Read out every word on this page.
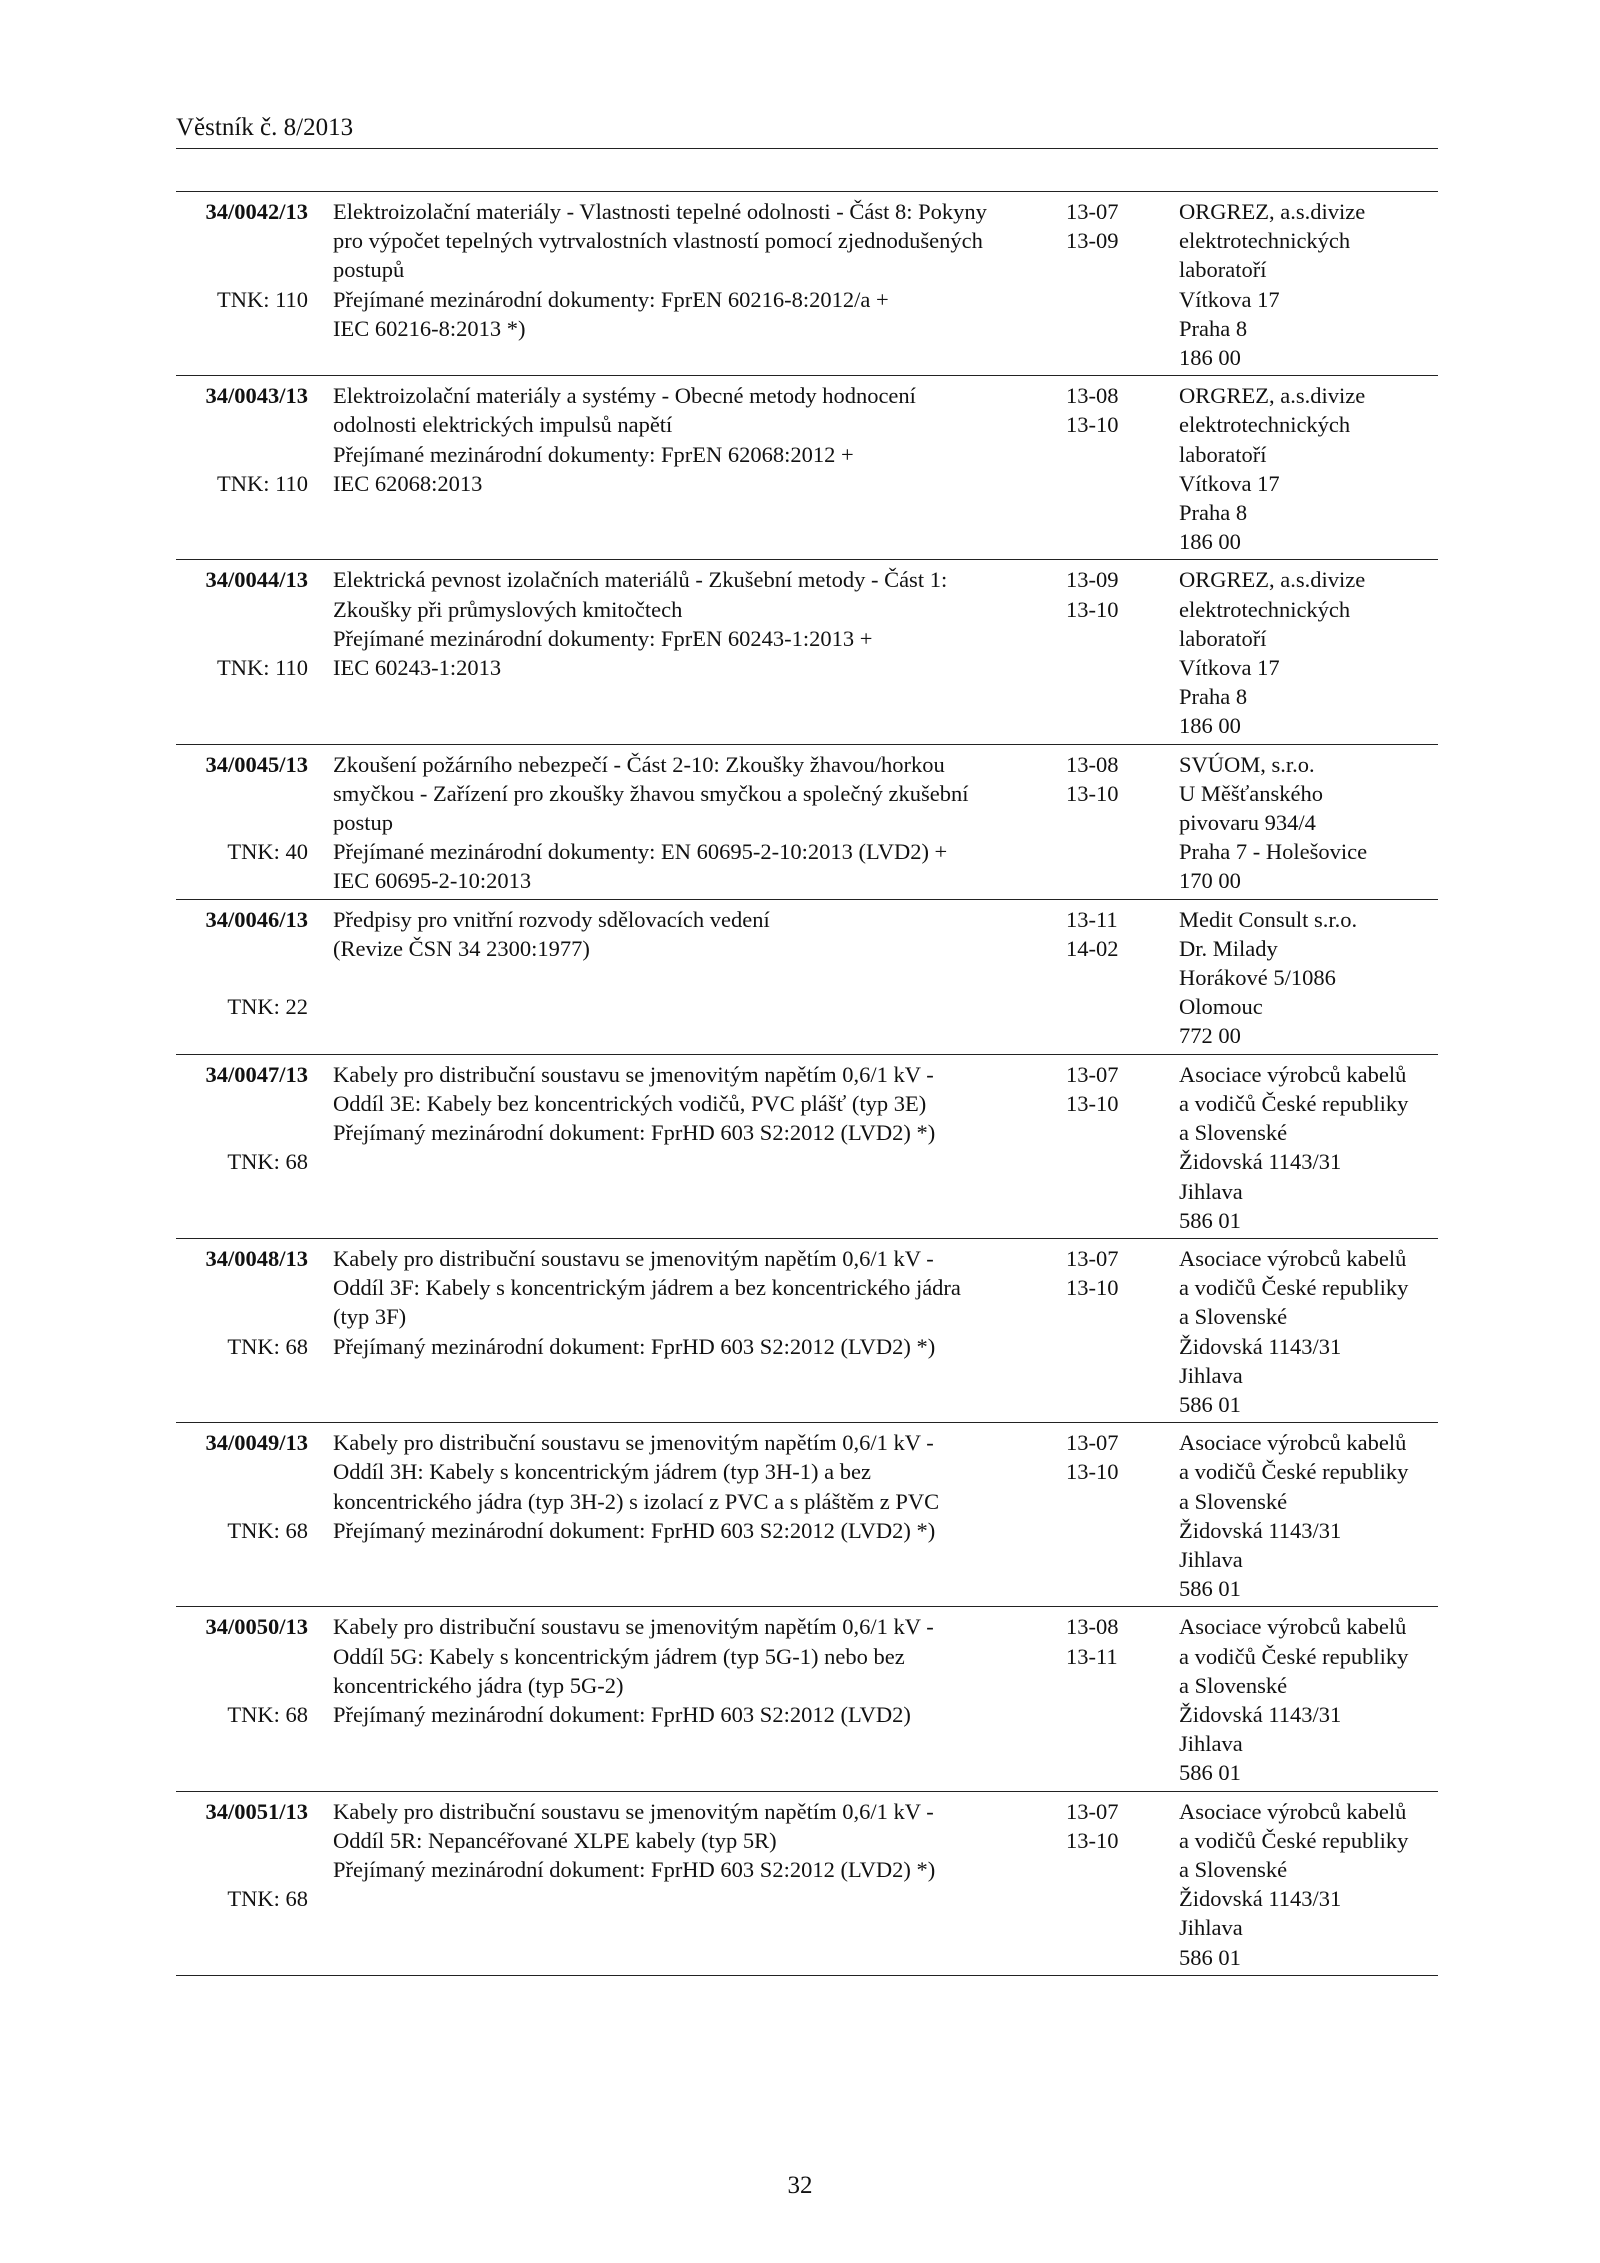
Věstník č. 8/2013
34/0042/13
TNK: 110
Elektroizolační materiály - Vlastnosti tepelné odolnosti - Část 8: Pokyny
pro výpočet tepelných vytrvalostních vlastností pomocí zjednodušených
postupů
Přejímané mezinárodní dokumenty: FprEN 60216-8:2012/a +
IEC 60216-8:2013 *)
13-07
13-09
ORGREZ, a.s.divize
elektrotechnických
laboratoří
Vítkova 17
Praha 8
186 00
34/0043/13
TNK: 110
Elektroizolační materiály a systémy - Obecné metody hodnocení
odolnosti elektrických impulsů napětí
Přejímané mezinárodní dokumenty: FprEN 62068:2012 +
IEC 62068:2013
13-08
13-10
ORGREZ, a.s.divize
elektrotechnických
laboratoří
Vítkova 17
Praha 8
186 00
34/0044/13
TNK: 110
Elektrická pevnost izolačních materiálů - Zkušební metody - Část 1:
Zkoušky při průmyslových kmitočtech
Přejímané mezinárodní dokumenty: FprEN 60243-1:2013 +
IEC 60243-1:2013
13-09
13-10
ORGREZ, a.s.divize
elektrotechnických
laboratoří
Vítkova 17
Praha 8
186 00
34/0045/13
TNK: 40
Zkoušení požárního nebezpečí - Část 2-10: Zkoušky žhavou/horkou
smyčkou - Zařízení pro zkoušky žhavou smyčkou a společný zkušební
postup
Přejímané mezinárodní dokumenty: EN 60695-2-10:2013 (LVD2) +
IEC 60695-2-10:2013
13-08
13-10
SVÚOM, s.r.o.
U Měšťanského
pivovaru 934/4
Praha 7 - Holešovice
170 00
34/0046/13
TNK: 22
Předpisy pro vnitřní rozvody sdělovacích vedení
(Revize ČSN 34 2300:1977)
13-11
14-02
Medit Consult s.r.o.
Dr. Milady
Horákové 5/1086
Olomouc
772 00
34/0047/13
TNK: 68
Kabely pro distribuční soustavu se jmenovitým napětím 0,6/1 kV -
Oddíl 3E: Kabely bez koncentrických vodičů, PVC plášť (typ 3E)
Přejímaný mezinárodní dokument: FprHD 603 S2:2012 (LVD2) *)
13-07
13-10
Asociace výrobců kabelů
a vodičů České republiky
a Slovenské
Židovská 1143/31
Jihlava
586 01
34/0048/13
TNK: 68
Kabely pro distribuční soustavu se jmenovitým napětím 0,6/1 kV -
Oddíl 3F: Kabely s koncentrickým jádrem a bez koncentrického jádra
(typ 3F)
Přejímaný mezinárodní dokument: FprHD 603 S2:2012 (LVD2) *)
13-07
13-10
Asociace výrobců kabelů
a vodičů České republiky
a Slovenské
Židovská 1143/31
Jihlava
586 01
34/0049/13
TNK: 68
Kabely pro distribuční soustavu se jmenovitým napětím 0,6/1 kV -
Oddíl 3H: Kabely s koncentrickým jádrem (typ 3H-1) a bez
koncentrického jádra (typ 3H-2) s izolací z PVC a s pláštěm z PVC
Přejímaný mezinárodní dokument: FprHD 603 S2:2012 (LVD2) *)
13-07
13-10
Asociace výrobců kabelů
a vodičů České republiky
a Slovenské
Židovská 1143/31
Jihlava
586 01
34/0050/13
TNK: 68
Kabely pro distribuční soustavu se jmenovitým napětím 0,6/1 kV -
Oddíl 5G: Kabely s koncentrickým jádrem (typ 5G-1) nebo bez
koncentrického jádra (typ 5G-2)
Přejímaný mezinárodní dokument: FprHD 603 S2:2012 (LVD2)
13-08
13-11
Asociace výrobců kabelů
a vodičů České republiky
a Slovenské
Židovská 1143/31
Jihlava
586 01
34/0051/13
TNK: 68
Kabely pro distribuční soustavu se jmenovitým napětím 0,6/1 kV -
Oddíl 5R: Nepancéřované XLPE kabely (typ 5R)
Přejímaný mezinárodní dokument: FprHD 603 S2:2012 (LVD2) *)
13-07
13-10
Asociace výrobců kabelů
a vodičů České republiky
a Slovenské
Židovská 1143/31
Jihlava
586 01
32
